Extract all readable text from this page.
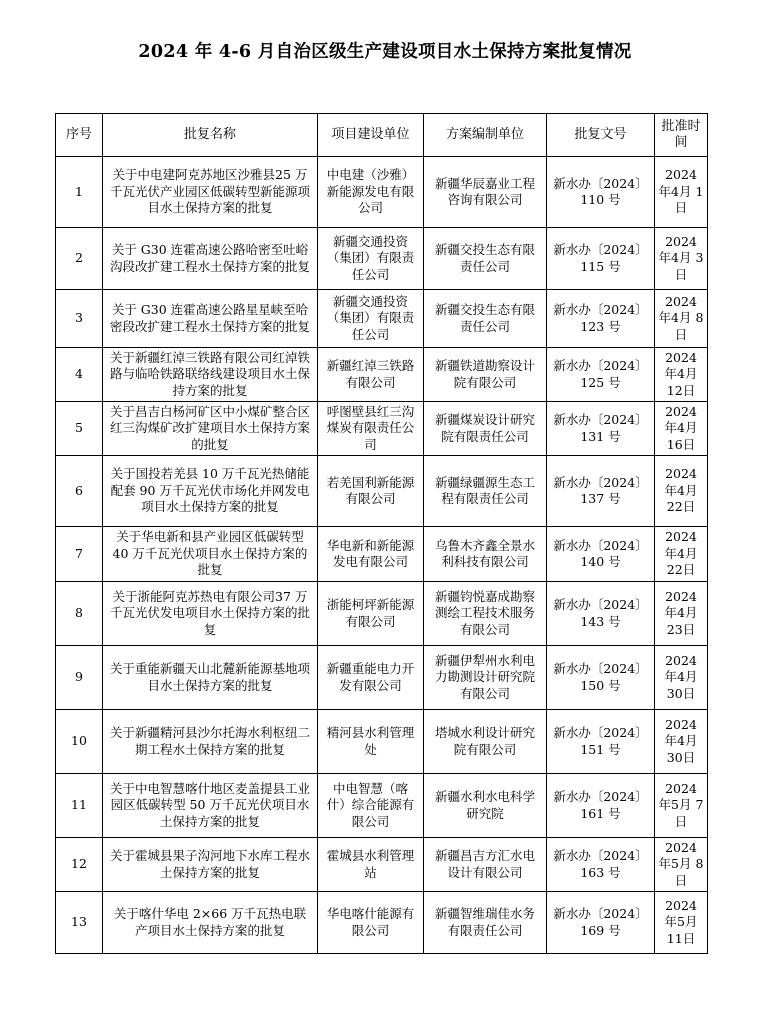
2024 年 4-6 月自治区级生产建设项目水土保持方案批复情况
序号	批复名称	项目建设单位	方案编制单位	批复文号	批准时间
1	关于中电建阿克苏地区沙雅县25 万千瓦光伏产业园区低碳转型新能源项目水土保持方案的批复	中电建（沙雅）新能源发电有限公司	新疆华辰嘉业工程咨询有限公司	新水办〔2024〕110 号	2024 年4月 1 日
2	关于 G30 连霍高速公路哈密至吐峪沟段改扩建工程水土保持方案的批复	新疆交通投资（集团）有限责任公司	新疆交投生态有限责任公司	新水办〔2024〕115 号	2024 年4月 3 日
3	关于 G30 连霍高速公路星星峡至哈密段改扩建工程水土保持方案的批复	新疆交通投资（集团）有限责任公司	新疆交投生态有限责任公司	新水办〔2024〕123 号	2024 年4月 8 日
4	关于新疆红淖三铁路有限公司红淖铁路与临哈铁路联络线建设项目水土保持方案的批复	新疆红淖三铁路有限公司	新疆铁道勘察设计院有限公司	新水办〔2024〕125 号	2024 年4月 12日
5	关于昌吉白杨河矿区中小煤矿整合区红三沟煤矿改扩建项目水土保持方案的批复	呼图壁县红三沟煤炭有限责任公司	新疆煤炭设计研究院有限责任公司	新水办〔2024〕131 号	2024 年4月 16日
6	关于国投若羌县 10 万千瓦光热储能配套 90 万千瓦光伏市场化并网发电项目水土保持方案的批复	若羌国利新能源有限公司	新疆绿疆源生态工程有限责任公司	新水办〔2024〕137 号	2024 年4月 22日
7	关于华电新和县产业园区低碳转型 40 万千瓦光伏项目水土保持方案的批复	华电新和新能源发电有限公司	乌鲁木齐鑫全景水利科技有限公司	新水办〔2024〕140 号	2024 年4月 22日
8	关于浙能阿克苏热电有限公司37 万千瓦光伏发电项目水土保持方案的批复	浙能柯坪新能源有限公司	新疆钧悦嘉成勘察测绘工程技术服务有限公司	新水办〔2024〕143 号	2024 年4月 23日
9	关于重能新疆天山北麓新能源基地项目水土保持方案的批复	新疆重能电力开发有限公司	新疆伊犁州水利电力勘测设计研究院有限公司	新水办〔2024〕150 号	2024 年4月 30日
10	关于新疆精河县沙尔托海水利枢纽二期工程水土保持方案的批复	精河县水利管理处	塔城水利设计研究院有限公司	新水办〔2024〕151 号	2024 年4月 30日
11	关于中电智慧喀什地区麦盖提县工业园区低碳转型 50 万千瓦光伏项目水土保持方案的批复	中电智慧（喀什）综合能源有限公司	新疆水利水电科学研究院	新水办〔2024〕161 号	2024 年5月 7 日
12	关于霍城县果子沟河地下水库工程水土保持方案的批复	霍城县水利管理站	新疆昌吉方汇水电设计有限公司	新水办〔2024〕163 号	2024 年5月 8 日
13	关于喀什华电 2×66 万千瓦热电联产项目水土保持方案的批复	华电喀什能源有限公司	新疆智维瑞佳水务有限责任公司	新水办〔2024〕169 号	2024 年5月 11日
